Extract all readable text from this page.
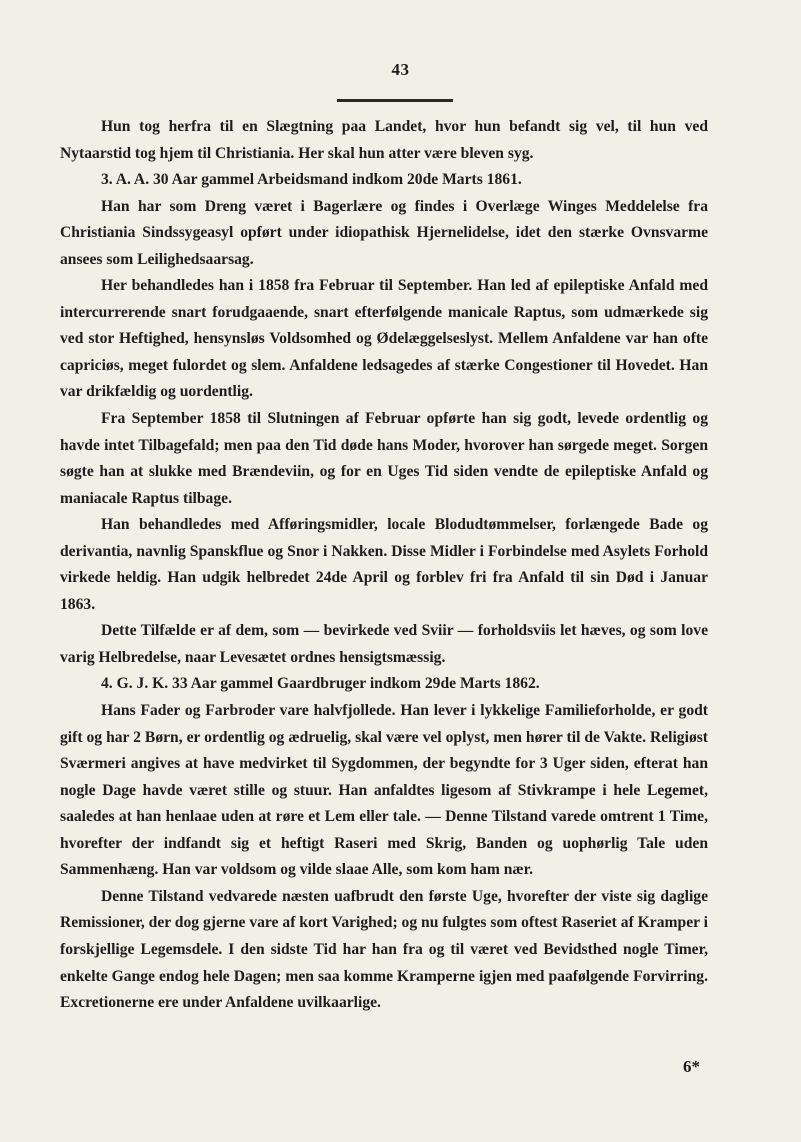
43

Hun tog herfra til en Slægtning paa Landet, hvor hun befandt sig vel, til hun ved Nytaarstid tog hjem til Christiania. Her skal hun atter være bleven syg.

3. A. A. 30 Aar gammel Arbeidsmand indkom 20de Marts 1861.

Han har som Dreng været i Bagerlære og findes i Overlæge Winges Meddelelse fra Christiania Sindssygeasyl opført under idiopathisk Hjernelidelse, idet den stærke Ovnsvarme ansees som Leilighedsaarsag.

Her behandledes han i 1858 fra Februar til September. Han led af epileptiske Anfald med intercurrerende snart forudgaaende, snart efterfølgende manicale Raptus, som udmærkede sig ved stor Heftighed, hensynsløs Voldsomhed og Ødelæggelseslyst. Mellem Anfaldene var han ofte capriciøs, meget fulordet og slem. Anfaldene ledsagedes af stærke Congestioner til Hovedet. Han var drikfældig og uordentlig.

Fra September 1858 til Slutningen af Februar opførte han sig godt, levede ordentlig og havde intet Tilbagefald; men paa den Tid døde hans Moder, hvorover han sørgede meget. Sorgen søgte han at slukke med Brændeviin, og for en Uges Tid siden vendte de epileptiske Anfald og maniacale Raptus tilbage.

Han behandledes med Afføringsmidler, locale Blodudtømmelser, forlængede Bade og derivantia, navnlig Spanskflue og Snor i Nakken. Disse Midler i Forbindelse med Asylets Forhold virkede heldig. Han udgik helbredet 24de April og forblev fri fra Anfald til sin Død i Januar 1863.

Dette Tilfælde er af dem, som — bevirkede ved Sviir — forholdsviis let hæves, og som love varig Helbredelse, naar Levesætet ordnes hensigtsmæssig.

4. G. J. K. 33 Aar gammel Gaardbruger indkom 29de Marts 1862.

Hans Fader og Farbroder vare halvfjollede. Han lever i lykkelige Familieforholde, er godt gift og har 2 Børn, er ordentlig og ædruelig, skal være vel oplyst, men hører til de Vakte. Religiøst Sværmeri angives at have medvirket til Sygdommen, der begyndte for 3 Uger siden, efterat han nogle Dage havde været stille og stuur. Han anfaldtes ligesom af Stivkrampe i hele Legemet, saaledes at han henlaae uden at røre et Lem eller tale. — Denne Tilstand varede omtrent 1 Time, hvorefter der indfandt sig et heftigt Raseri med Skrig, Banden og uophørlig Tale uden Sammenhæng. Han var voldsom og vilde slaae Alle, som kom ham nær.

Denne Tilstand vedvarede næsten uafbrudt den første Uge, hvorefter der viste sig daglige Remissioner, der dog gjerne vare af kort Varighed; og nu fulgtes som oftest Raseriet af Kramper i forskjellige Legemsdele. I den sidste Tid har han fra og til været ved Bevidsthed nogle Timer, enkelte Gange endog hele Dagen; men saa komme Kramperne igjen med paafølgende Forvirring. Excretionerne ere under Anfaldene uvilkaarlige.

6*
